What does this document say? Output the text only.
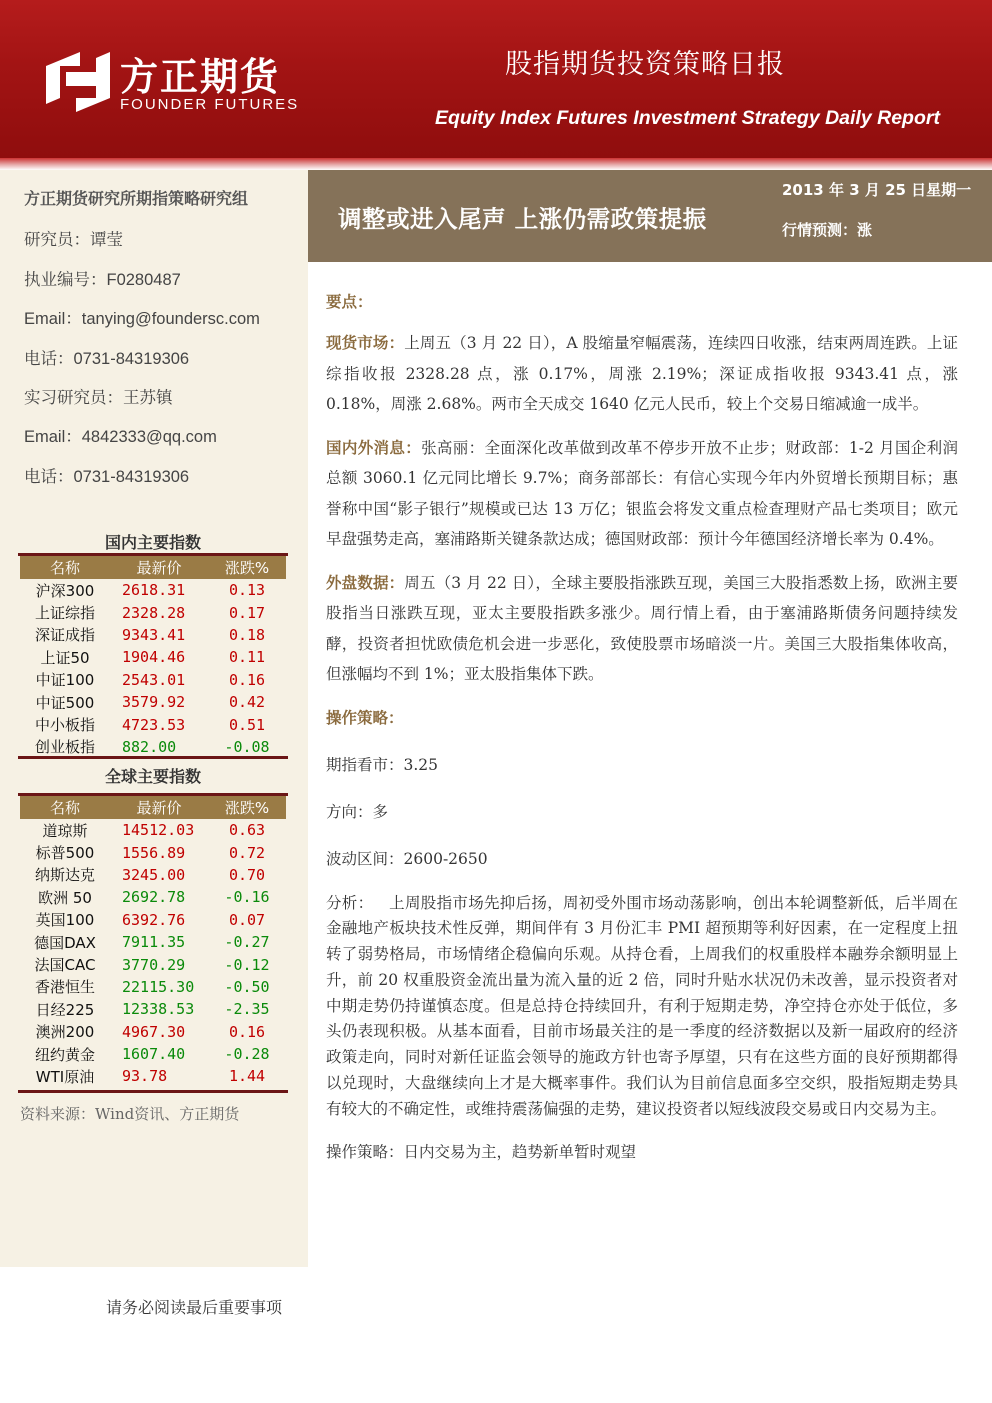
方正期货
FOUNDER FUTURES
股指期货投资策略日报
Equity Index Futures Investment Strategy Daily Report
方正期货研究所期指策略研究组
研究员：谭莹
执业编号：F0280487
Email：tanying@foundersc.com
电话：0731-84319306
实习研究员：王苏镇
Email：4842333@qq.com
电话：0731-84319306
国内主要指数
名称	最新价	涨跌%
沪深300	2618.31	0.13
上证综指	2328.28	0.17
深证成指	9343.41	0.18
上证50	1904.46	0.11
中证100	2543.01	0.16
中证500	3579.92	0.42
中小板指	4723.53	0.51
创业板指	882.00	-0.08
全球主要指数
名称	最新价	涨跌%
道琼斯	14512.03	0.63
标普500	1556.89	0.72
纳斯达克	3245.00	0.70
欧洲 50	2692.78	-0.16
英国100	6392.76	0.07
德国DAX	7911.35	-0.27
法国CAC	3770.29	-0.12
香港恒生	22115.30	-0.50
日经225	12338.53	-2.35
澳洲200	4967.30	0.16
纽约黄金	1607.40	-0.28
WTI原油	93.78	1.44
资料来源：Wind资讯、方正期货
请务必阅读最后重要事项
调整或进入尾声 上涨仍需政策提振
2013 年 3 月 25 日星期一
行情预测：涨
要点：
现货市场：上周五（3 月 22 日），A 股缩量窄幅震荡，连续四日收涨，结束两周连跌。上证综指收报 2328.28 点，涨 0.17%，周涨 2.19%；深证成指收报 9343.41 点，涨 0.18%，周涨 2.68%。两市全天成交 1640 亿元人民币，较上个交易日缩减逾一成半。
国内外消息：张高丽：全面深化改革做到改革不停步开放不止步；财政部：1-2 月国企利润总额 3060.1 亿元同比增长 9.7%；商务部部长：有信心实现今年内外贸增长预期目标；惠誉称中国“影子银行”规模或已达 13 万亿；银监会将发文重点检查理财产品七类项目；欧元早盘强势走高，塞浦路斯关键条款达成；德国财政部：预计今年德国经济增长率为 0.4%。
外盘数据：周五（3 月 22 日），全球主要股指涨跌互现，美国三大股指悉数上扬，欧洲主要股指当日涨跌互现，亚太主要股指跌多涨少。周行情上看，由于塞浦路斯债务问题持续发酵，投资者担忧欧债危机会进一步恶化，致使股票市场暗淡一片。美国三大股指集体收高，但涨幅均不到 1%；亚太股指集体下跌。
操作策略：
期指看市：3.25
方向：多
波动区间：2600-2650
分析：   上周股指市场先抑后扬，周初受外围市场动荡影响，创出本轮调整新低，后半周在金融地产板块技术性反弹，期间伴有 3 月份汇丰 PMI 超预期等利好因素，在一定程度上扭转了弱势格局，市场情绪企稳偏向乐观。从持仓看，上周我们的权重股样本融券余额明显上升，前 20 权重股资金流出量为流入量的近 2 倍，同时升贴水状况仍未改善，显示投资者对中期走势仍持谨慎态度。但是总持仓持续回升，有利于短期走势，净空持仓亦处于低位，多头仍表现积极。从基本面看，目前市场最关注的是一季度的经济数据以及新一届政府的经济政策走向，同时对新任证监会领导的施政方针也寄予厚望，只有在这些方面的良好预期都得以兑现时，大盘继续向上才是大概率事件。我们认为目前信息面多空交织，股指短期走势具有较大的不确定性，或维持震荡偏强的走势，建议投资者以短线波段交易或日内交易为主。
操作策略：日内交易为主，趋势新单暂时观望
